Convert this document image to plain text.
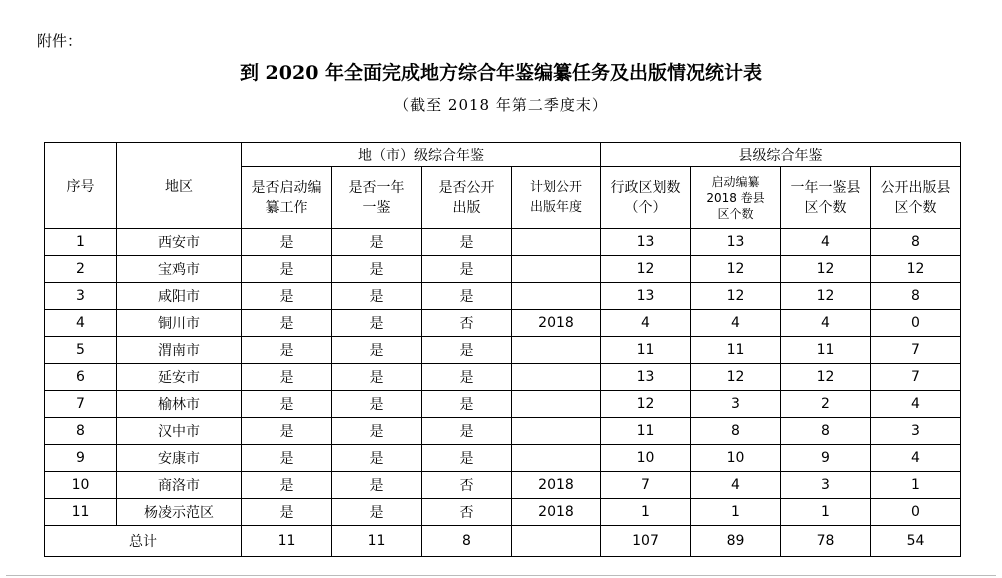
附件：
到 2020 年全面完成地方综合年鉴编纂任务及出版情况统计表
（截至 2018 年第二季度末）
序号	地区	地（市）级综合年鉴				县级综合年鉴			

		是否启动编纂工作	是否一年一鉴	是否公开出版	计划公开出版年度	行政区划数（个）	启动编纂2018 卷县区个数	一年一鉴县区个数	公开出版县区个数

1	西安市	是	是	是		13	13	4	8
2	宝鸡市	是	是	是		12	12	12	12
3	咸阳市	是	是	是		13	12	12	8
4	铜川市	是	是	否	2018	4	4	4	0
5	渭南市	是	是	是		11	11	11	7
6	延安市	是	是	是		13	12	12	7
7	榆林市	是	是	是		12	3	2	4
8	汉中市	是	是	是		11	8	8	3
9	安康市	是	是	是		10	10	9	4
10	商洛市	是	是	否	2018	7	4	3	1
11	杨凌示范区	是	是	否	2018	1	1	1	0
总计		11	11	8		107	89	78	54
